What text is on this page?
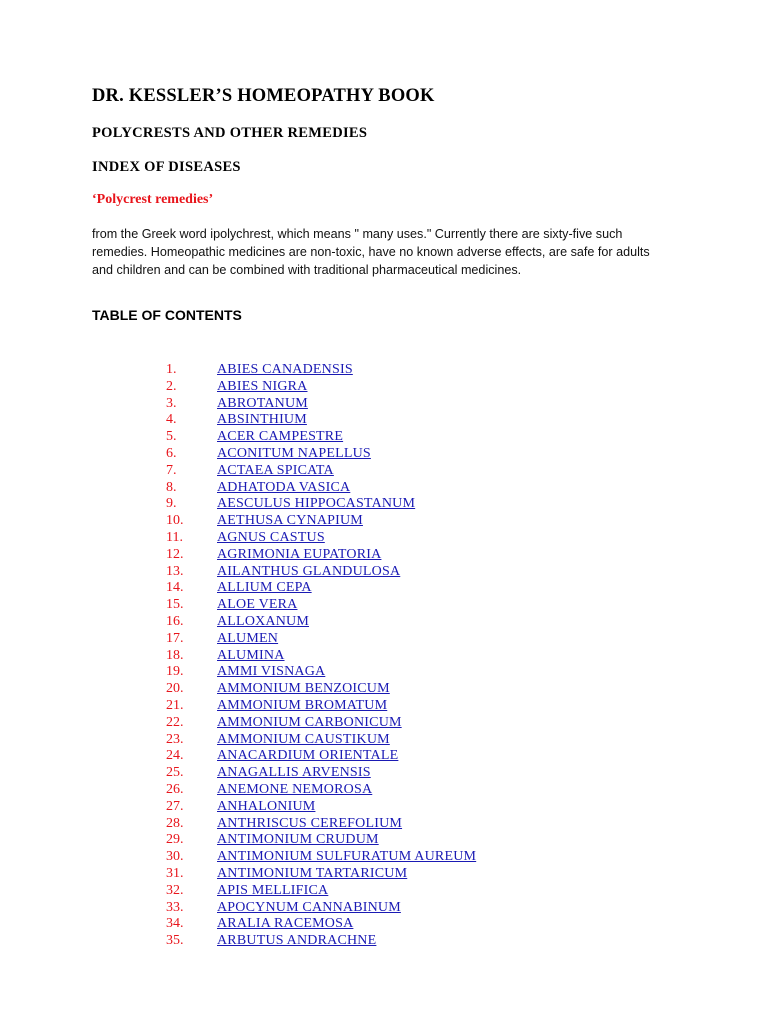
DR. KESSLER’S HOMEOPATHY BOOK
POLYCRESTS AND OTHER REMEDIES
INDEX OF DISEASES
‘Polycrest remedies’

from the Greek word ipolychrest, which means " many uses." Currently there are sixty-five such remedies. Homeopathic medicines are non-toxic, have no known adverse effects, are safe for adults and children and can be combined with traditional pharmaceutical medicines.

TABLE OF CONTENTS
1.	ABIES CANADENSIS
2.	ABIES NIGRA
3.	ABROTANUM
4.	ABSINTHIUM
5.	ACER CAMPESTRE
6.	ACONITUM NAPELLUS
7.	ACTAEA SPICATA
8.	ADHATODA VASICA
9.	AESCULUS HIPPOCASTANUM
10. AETHUSA CYNAPIUM
11. AGNUS CASTUS
12. AGRIMONIA EUPATORIA
13. AILANTHUS GLANDULOSA
14. ALLIUM CEPA
15. ALOE VERA
16. ALLOXANUM
17. ALUMEN
18. ALUMINA
19. AMMI VISNAGA
20. AMMONIUM BENZOICUM
21. AMMONIUM BROMATUM
22. AMMONIUM CARBONICUM
23. AMMONIUM CAUSTIKUM
24. ANACARDIUM ORIENTALE
25. ANAGALLIS ARVENSIS
26. ANEMONE NEMOROSA
27. ANHALONIUM
28. ANTHRISCUS CEREFOLIUM
29. ANTIMONIUM CRUDUM
30. ANTIMONIUM SULFURATUM AUREUM
31. ANTIMONIUM TARTARICUM
32. APIS MELLIFICA
33. APOCYNUM CANNABINUM
34. ARALIA RACEMOSA
35. ARBUTUS ANDRACHNE
